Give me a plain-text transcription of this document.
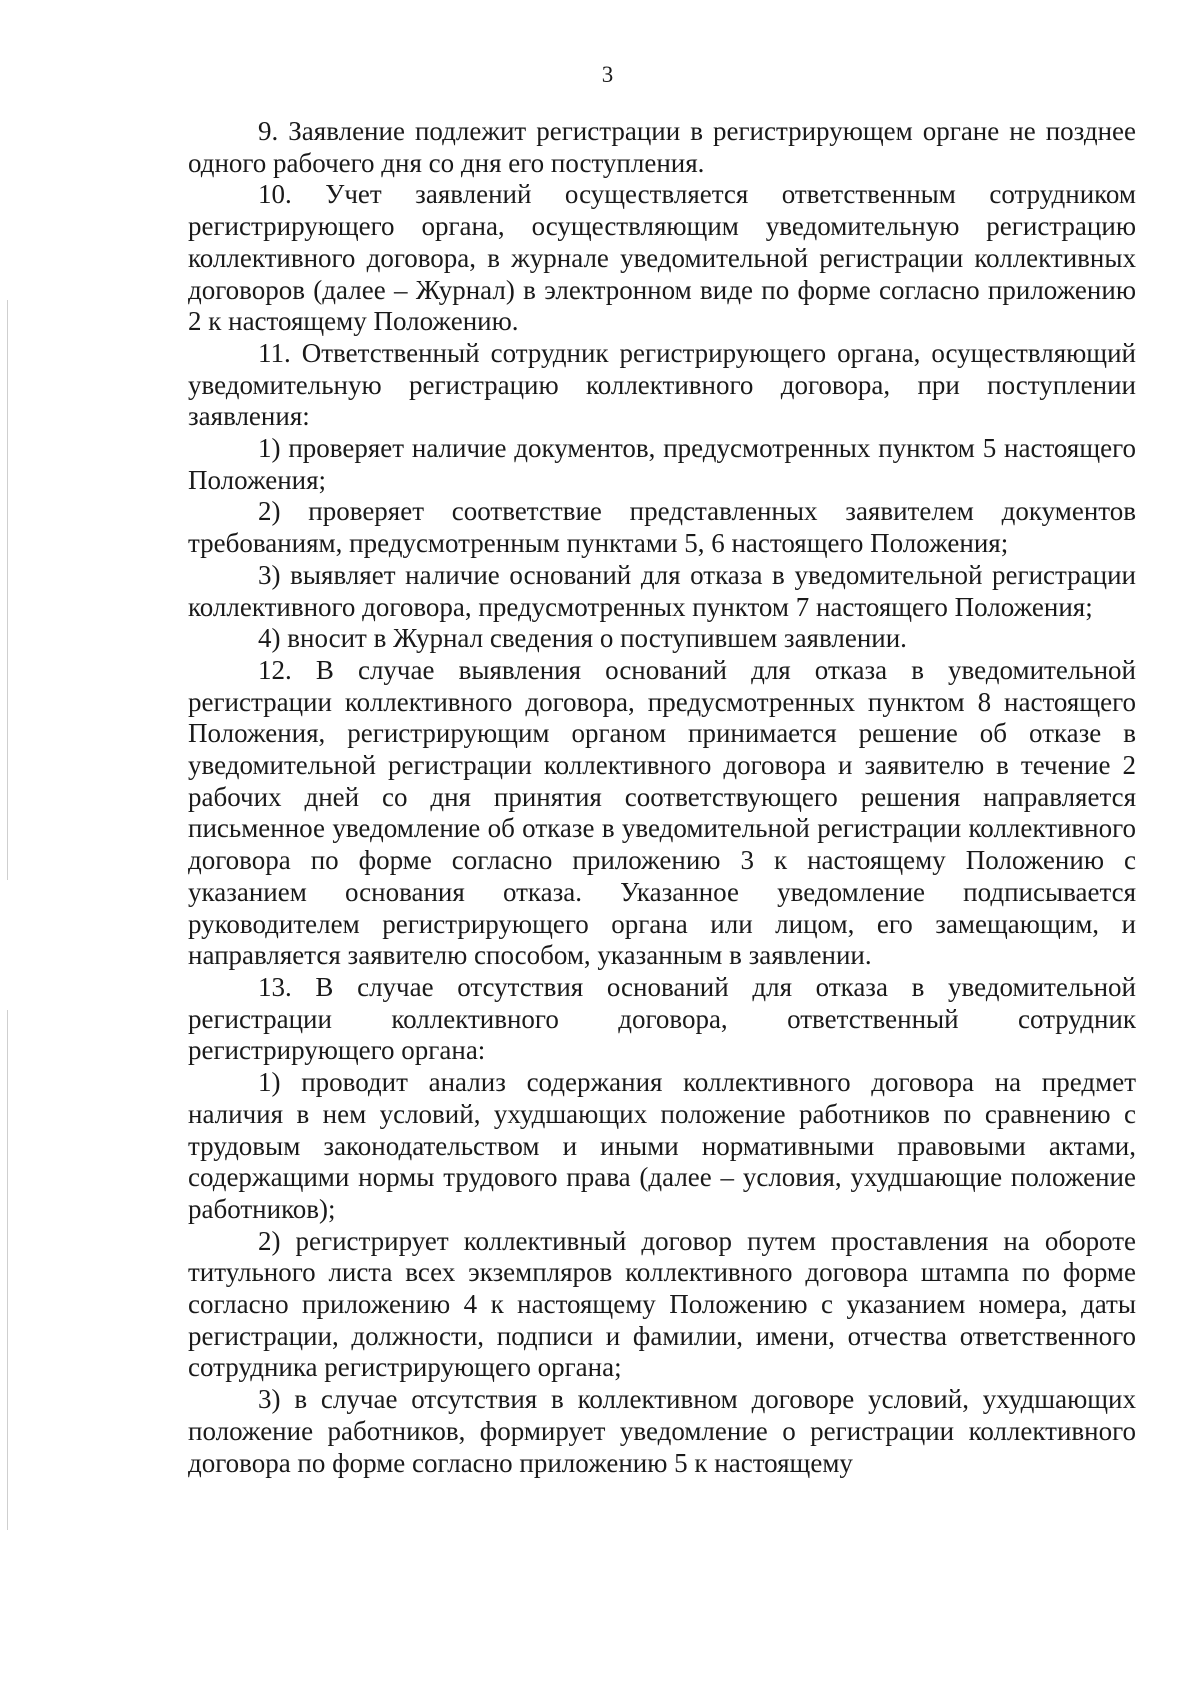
3

9. Заявление подлежит регистрации в регистрирующем органе не позднее одного рабочего дня со дня его поступления.

10. Учет заявлений осуществляется ответственным сотрудником регистрирующего органа, осуществляющим уведомительную регистрацию коллективного договора, в журнале уведомительной регистрации коллективных договоров (далее – Журнал) в электронном виде по форме согласно приложению 2 к настоящему Положению.

11. Ответственный сотрудник регистрирующего органа, осуществляющий уведомительную регистрацию коллективного договора, при поступлении заявления:

1) проверяет наличие документов, предусмотренных пунктом 5 настоящего Положения;

2) проверяет соответствие представленных заявителем документов требованиям, предусмотренным пунктами 5, 6 настоящего Положения;

3) выявляет наличие оснований для отказа в уведомительной регистрации коллективного договора, предусмотренных пунктом 7 настоящего Положения;

4) вносит в Журнал сведения о поступившем заявлении.

12. В случае выявления оснований для отказа в уведомительной регистрации коллективного договора, предусмотренных пунктом 8 настоящего Положения, регистрирующим органом принимается решение об отказе в уведомительной регистрации коллективного договора и заявителю в течение 2 рабочих дней со дня принятия соответствующего решения направляется письменное уведомление об отказе в уведомительной регистрации коллективного договора по форме согласно приложению 3 к настоящему Положению с указанием основания отказа. Указанное уведомление подписывается руководителем регистрирующего органа или лицом, его замещающим, и направляется заявителю способом, указанным в заявлении.

13. В случае отсутствия оснований для отказа в уведомительной регистрации коллективного договора, ответственный сотрудник регистрирующего органа:

1) проводит анализ содержания коллективного договора на предмет наличия в нем условий, ухудшающих положение работников по сравнению с трудовым законодательством и иными нормативными правовыми актами, содержащими нормы трудового права (далее – условия, ухудшающие положение работников);

2) регистрирует коллективный договор путем проставления на обороте титульного листа всех экземпляров коллективного договора штампа по форме согласно приложению 4 к настоящему Положению с указанием номера, даты регистрации, должности, подписи и фамилии, имени, отчества ответственного сотрудника регистрирующего органа;

3) в случае отсутствия в коллективном договоре условий, ухудшающих положение работников, формирует уведомление о регистрации коллективного договора по форме согласно приложению 5 к настоящему
